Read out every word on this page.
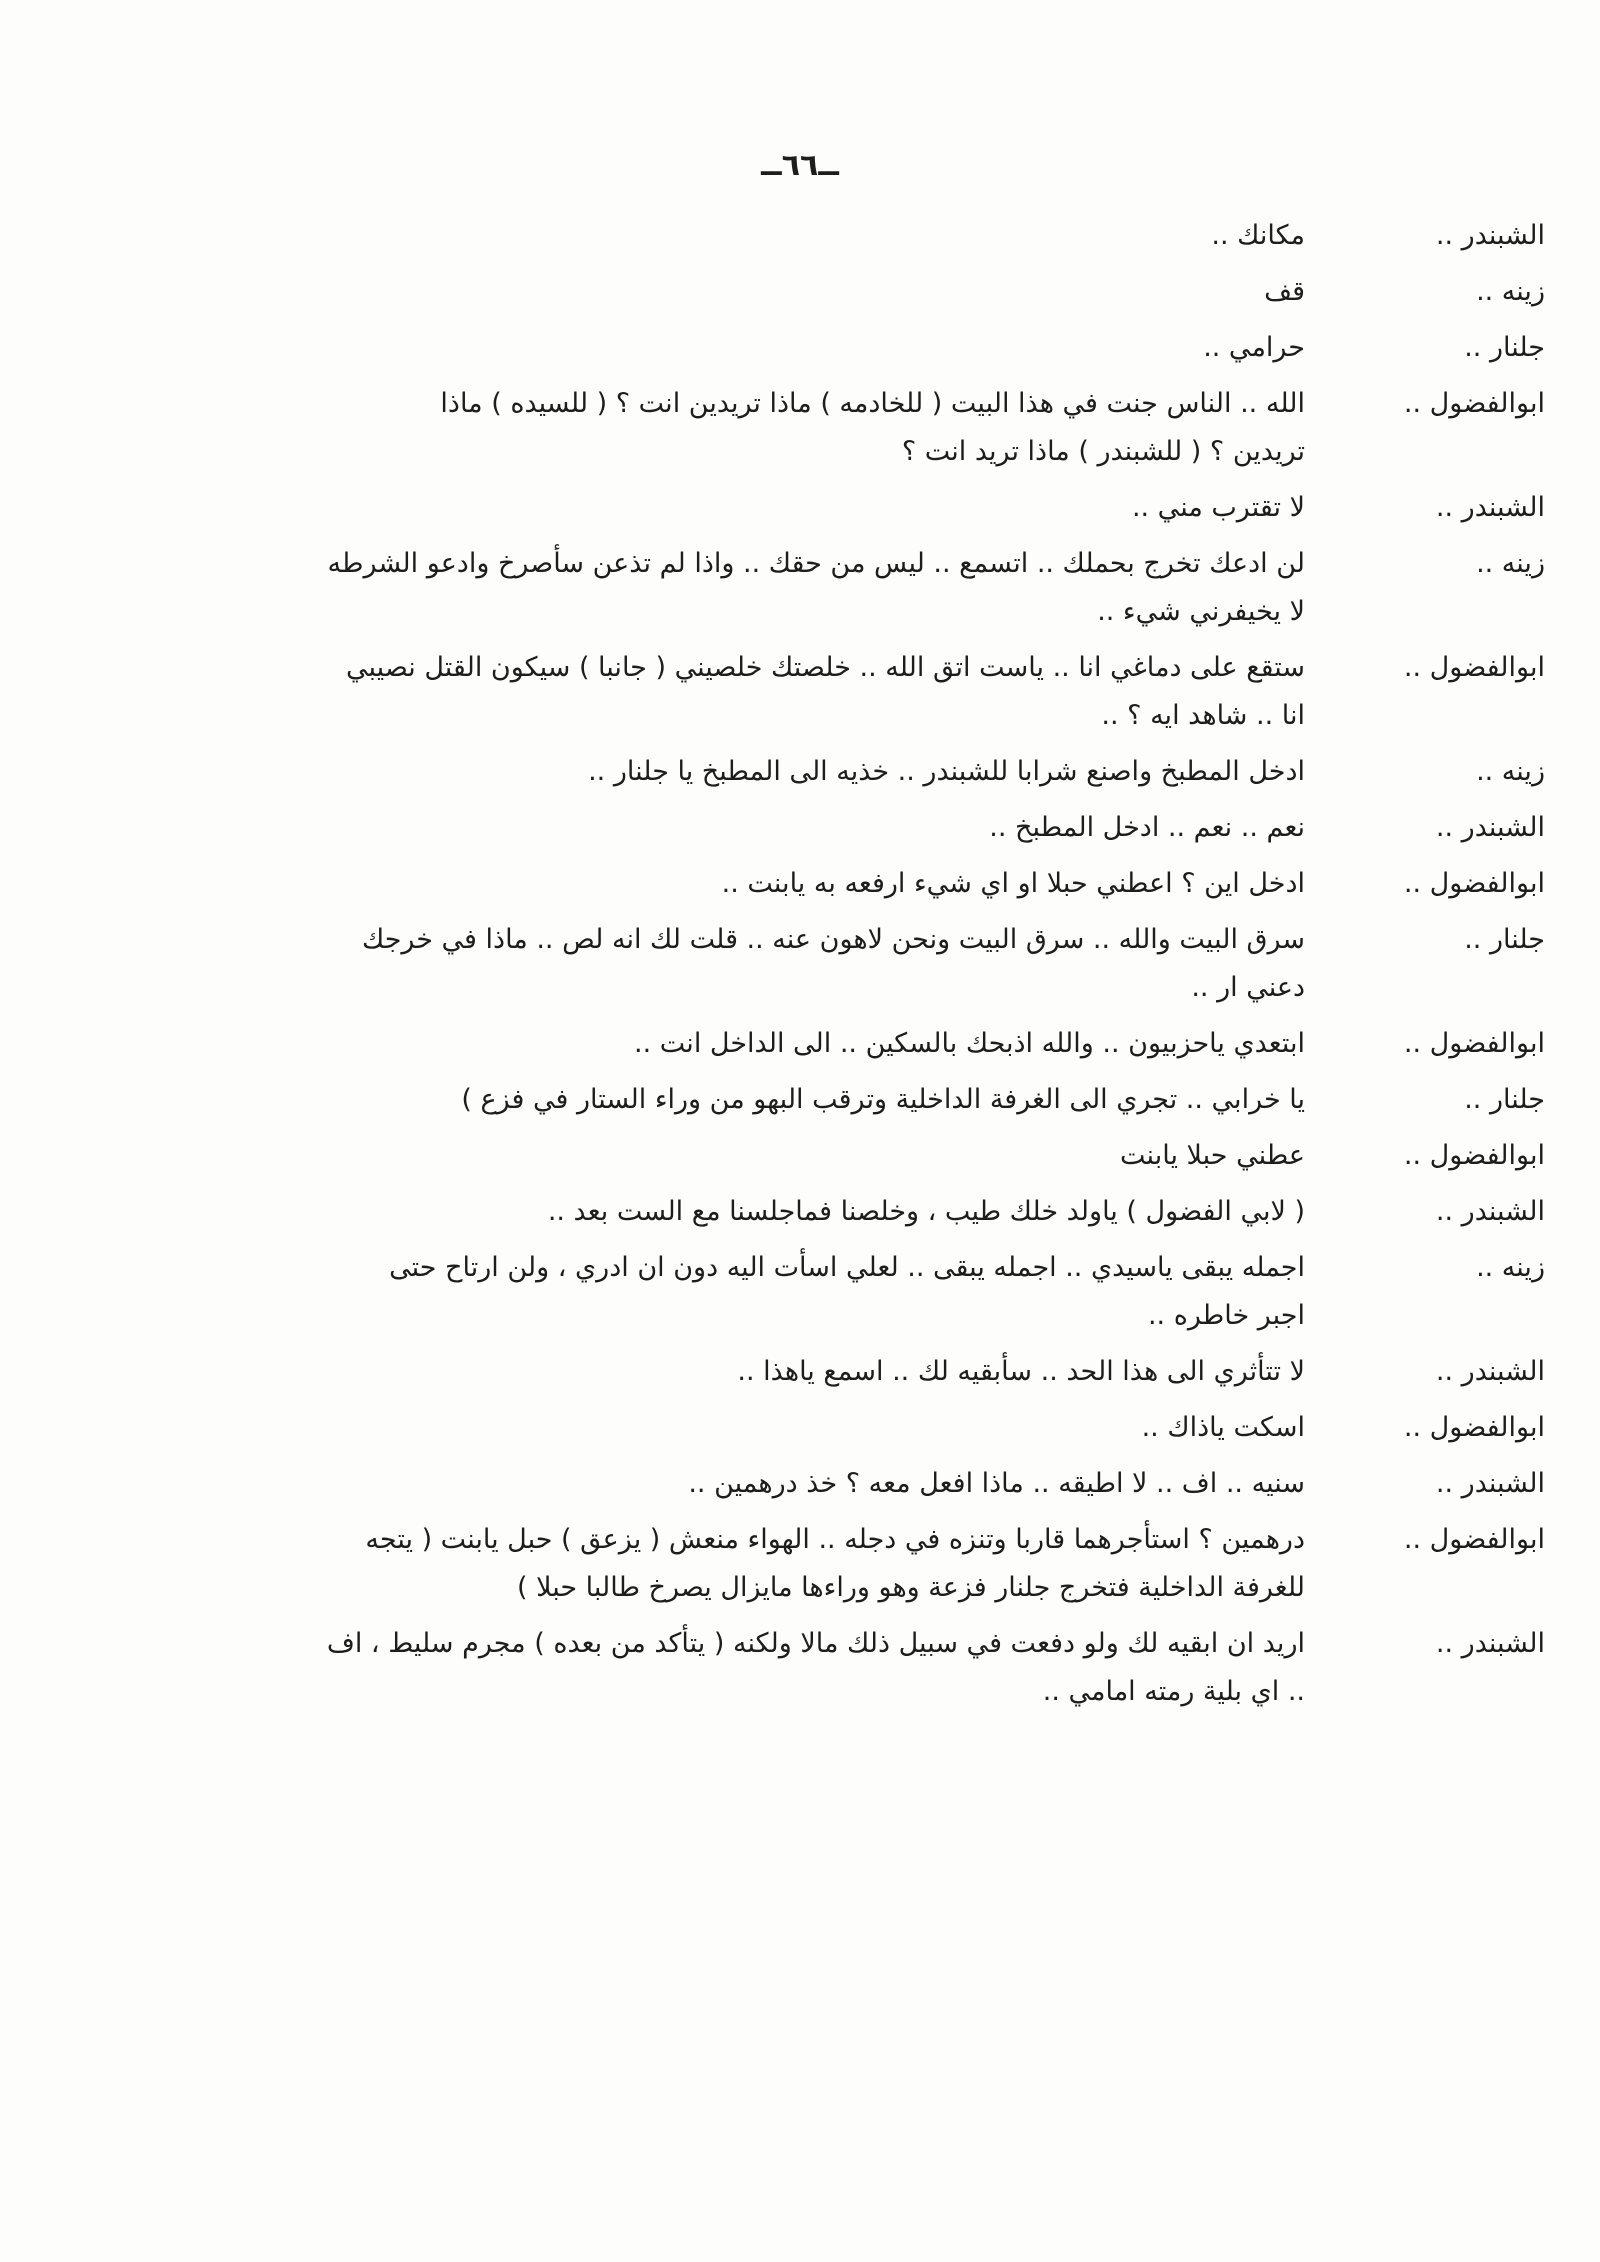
ــ٦٦ــ
الشبندر ..
مكانك ..
زينه ..
قف
جلنار ..
حرامي ..
ابوالفضول ..
الله .. الناس جنت في هذا البيت ( للخادمه ) ماذا تريدين انت ؟ ( للسيده ) ماذا
تريدين ؟ ( للشبندر ) ماذا تريد انت ؟
الشبندر ..
لا تقترب مني ..
زينه ..
لن ادعك تخرج بحملك .. اتسمع .. ليس من حقك .. واذا لم تذعن سأصرخ وادعو الشرطه
لا يخيفرني شيء ..
ابوالفضول ..
ستقع على دماغي انا .. ياست اتق الله .. خلصتك خلصيني ( جانبا ) سيكون القتل نصيبي
انا .. شاهد ايه ؟ ..
زينه ..
ادخل المطبخ واصنع شرابا للشبندر .. خذيه الى المطبخ يا جلنار ..
الشبندر ..
نعم .. نعم .. ادخل المطبخ ..
ابوالفضول ..
ادخل اين ؟ اعطني حبلا او اي شيء ارفعه به يابنت ..
جلنار ..
سرق البيت والله .. سرق البيت ونحن لاهون عنه .. قلت لك انه لص .. ماذا في خرجك
دعني ار ..
ابوالفضول ..
ابتعدي ياحزبيون .. والله اذبحك بالسكين .. الى الداخل انت ..
جلنار ..
يا خرابي .. تجري الى الغرفة الداخلية وترقب البهو من وراء الستار في فزع )
ابوالفضول ..
عطني حبلا يابنت
الشبندر ..
( لابي الفضول ) ياولد خلك طيب ، وخلصنا فماجلسنا مع الست بعد ..
زينه ..
اجمله يبقى ياسيدي .. اجمله يبقى .. لعلي اسأت اليه دون ان ادري ، ولن ارتاح حتى
اجبر خاطره ..
الشبندر ..
لا تتأثري الى هذا الحد .. سأبقيه لك .. اسمع ياهذا ..
ابوالفضول ..
اسكت ياذاك ..
الشبندر ..
سنيه .. اف .. لا اطيقه .. ماذا افعل معه ؟ خذ درهمين ..
ابوالفضول ..
درهمين ؟ استأجرهما قاربا وتنزه في دجله .. الهواء منعش ( يزعق ) حبل يابنت ( يتجه
للغرفة الداخلية فتخرج جلنار فزعة وهو وراءها مايزال يصرخ طالبا حبلا )
الشبندر ..
اريد ان ابقيه لك ولو دفعت في سبيل ذلك مالا ولكنه ( يتأكد من بعده ) مجرم سليط ، اف
.. اي بلية رمته امامي ..
